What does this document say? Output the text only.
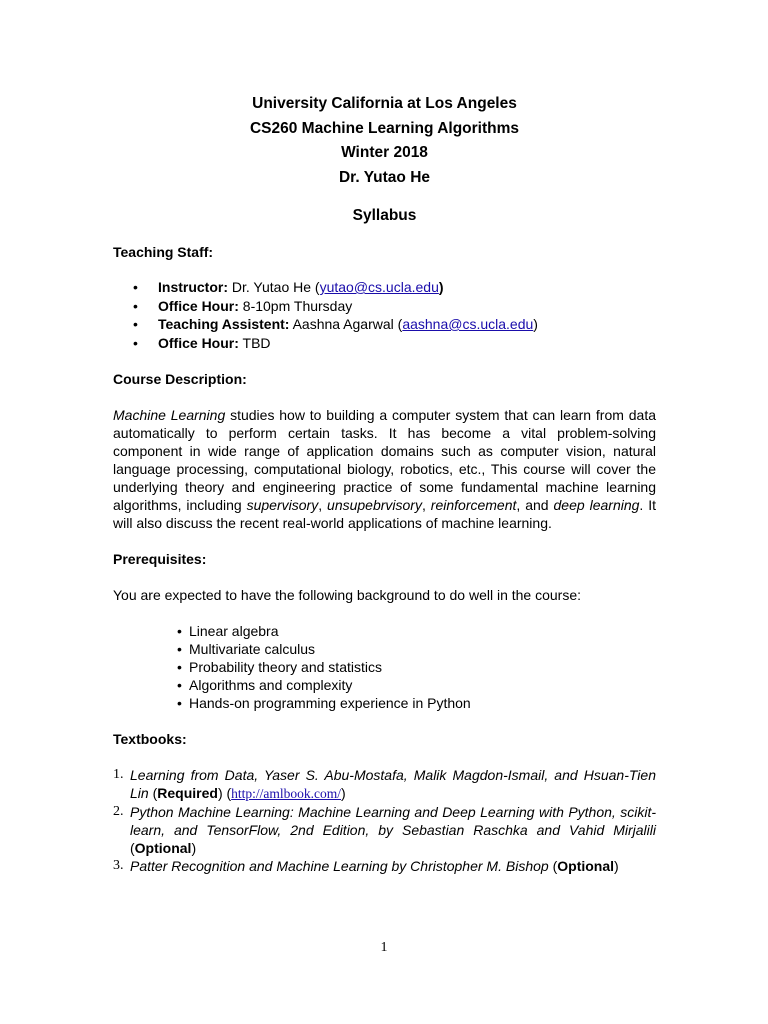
University California at Los Angeles

CS260 Machine Learning Algorithms

Winter 2018

Dr. Yutao He

Syllabus

Teaching Staff:

• Instructor: Dr. Yutao He (yutao@cs.ucla.edu)
• Office Hour: 8-10pm Thursday
• Teaching Assistent: Aashna Agarwal (aashna@cs.ucla.edu)
• Office Hour: TBD

Course Description:

Machine Learning studies how to building a computer system that can learn from data automatically to perform certain tasks. It has become a vital problem-solving component in wide range of application domains such as computer vision, natural language processing, computational biology, robotics, etc., This course will cover the underlying theory and engineering practice of some fundamental machine learning algorithms, including supervisory, unsupebrvisory, reinforcement, and deep learning. It will also discuss the recent real-world applications of machine learning.

Prerequisites:

You are expected to have the following background to do well in the course:

• Linear algebra
• Multivariate calculus
• Probability theory and statistics
• Algorithms and complexity
• Hands-on programming experience in Python

Textbooks:

1. Learning from Data, Yaser S. Abu-Mostafa, Malik Magdon-Ismail, and Hsuan-Tien Lin (Required) (http://amlbook.com/)
2. Python Machine Learning: Machine Learning and Deep Learning with Python, scikit-learn, and TensorFlow, 2nd Edition, by Sebastian Raschka and Vahid Mirjalili (Optional)
3. Patter Recognition and Machine Learning by Christopher M. Bishop (Optional)
1
